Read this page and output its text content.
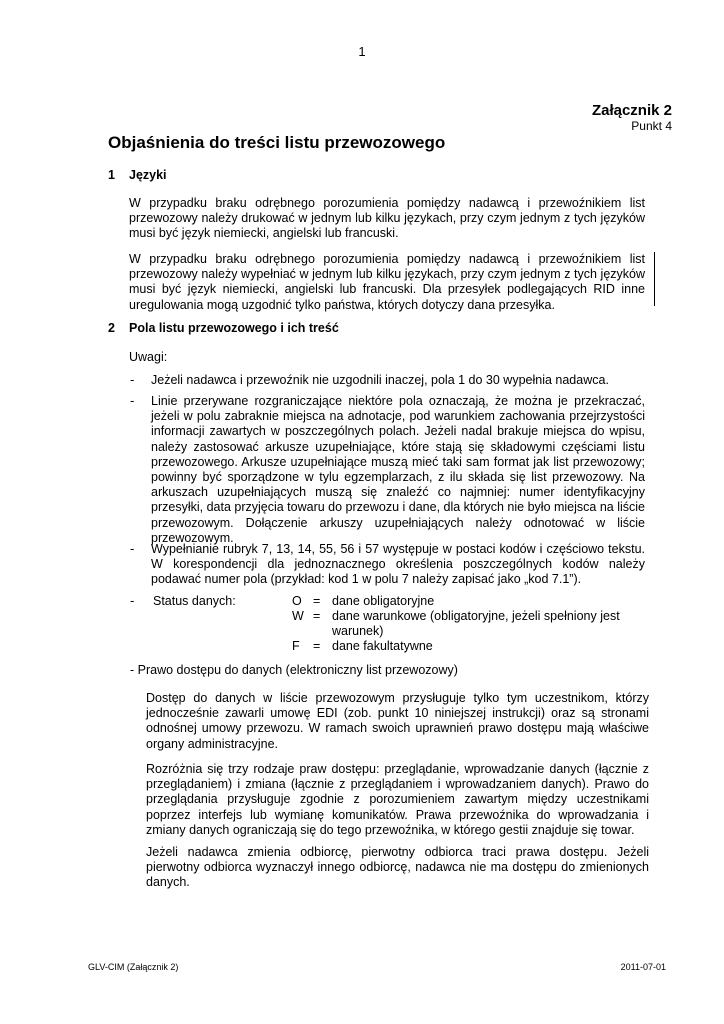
1
Załącznik 2
Punkt 4
Objaśnienia do treści listu przewozowego
1 Języki
W przypadku braku odrębnego porozumienia pomiędzy nadawcą i przewoźnikiem list przewozowy należy drukować w jednym lub kilku językach, przy czym jednym z tych języków musi być język niemiecki, angielski lub francuski.
W przypadku braku odrębnego porozumienia pomiędzy nadawcą i przewoźnikiem list przewozowy należy wypełniać w jednym lub kilku językach, przy czym jednym z tych języków musi być język niemiecki, angielski lub francuski. Dla przesyłek podlegających RID inne uregulowania mogą uzgodnić tylko państwa, których dotyczy dana przesyłka.
2 Pola listu przewozowego i ich treść
Uwagi:
- Jeżeli nadawca i przewoźnik nie uzgodnili inaczej, pola 1 do 30 wypełnia nadawca.
- Linie przerywane rozgraniczające niektóre pola oznaczają, że można je przekraczać, jeżeli w polu zabraknie miejsca na adnotacje, pod warunkiem zachowania przejrzystości informacji zawartych w poszczególnych polach. Jeżeli nadal brakuje miejsca do wpisu, należy zastosować arkusze uzupełniające, które stają się składowymi częściami listu przewozowego. Arkusze uzupełniające muszą mieć taki sam format jak list przewozowy; powinny być sporządzone w tylu egzemplarzach, z ilu składa się list przewozowy. Na arkuszach uzupełniających muszą się znaleźć co najmniej: numer identyfikacyjny przesyłki, data przyjęcia towaru do przewozu i dane, dla których nie było miejsca na liście przewozowym. Dołączenie arkuszy uzupełniających należy odnotować w liście przewozowym.
- Wypełnianie rubryk 7, 13, 14, 55, 56 i 57 występuje w postaci kodów i częściowo tekstu. W korespondencji dla jednoznacznego określenia poszczególnych kodów należy podawać numer pola (przykład: kod 1 w polu 7 należy zapisać jako „kod 7.1”).
- Status danych:	O = dane obligatoryjne
W = dane warunkowe (obligatoryjne, jeżeli spełniony jest
warunek)
F = dane fakultatywne
- Prawo dostępu do danych (elektroniczny list przewozowy)
Dostęp do danych w liście przewozowym przysługuje tylko tym uczestnikom, którzy jednocześnie zawarli umowę EDI (zob. punkt 10 niniejszej instrukcji) oraz są stronami odnośnej umowy przewozu. W ramach swoich uprawnień prawo dostępu mają właściwe organy administracyjne.
Rozróżnia się trzy rodzaje praw dostępu: przeglądanie, wprowadzanie danych (łącznie z przeglądaniem) i zmiana (łącznie z przeglądaniem i wprowadzaniem danych). Prawo do przeglądania przysługuje zgodnie z porozumieniem zawartym między uczestnikami poprzez interfejs lub wymianę komunikatów. Prawa przewoźnika do wprowadzania i zmiany danych ograniczają się do tego przewoźnika, w którego gestii znajduje się towar.
Jeżeli nadawca zmienia odbiorcę, pierwotny odbiorca traci prawa dostępu. Jeżeli pierwotny odbiorca wyznaczył innego odbiorcę, nadawca nie ma dostępu do zmienionych danych.
GLV-CIM (Załącznik 2)	2011-07-01
